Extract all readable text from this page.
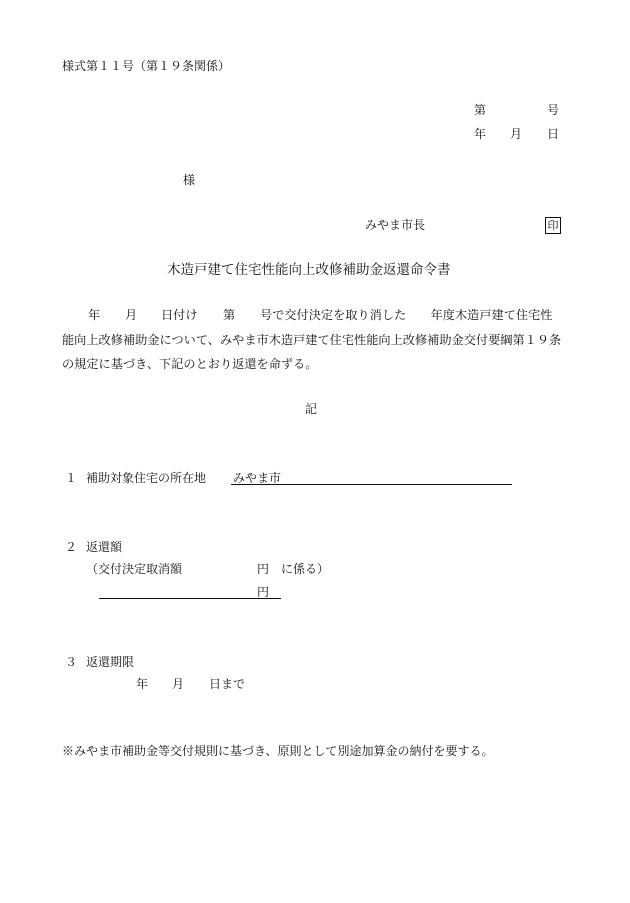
様式第１１号（第１９条関係）
第	号
年 月 日
様
みやま市長	印
木造戸建て住宅性能向上改修補助金返還命令書
年 月 日付け 第 号で交付決定を取り消した　　年度木造戸建て住宅性
能向上改修補助金について、みやま市木造戸建て住宅性能向上改修補助金交付要綱第１９条
の規定に基づき、下記のとおり返還を命ずる。
記
１ 補助対象住宅の所在地 みやま市
２ 返還額
（交付決定取消額	円　に係る）
円
３ 返還期限
年 月 日まで
※みやま市補助金等交付規則に基づき、原則として別途加算金の納付を要する。
